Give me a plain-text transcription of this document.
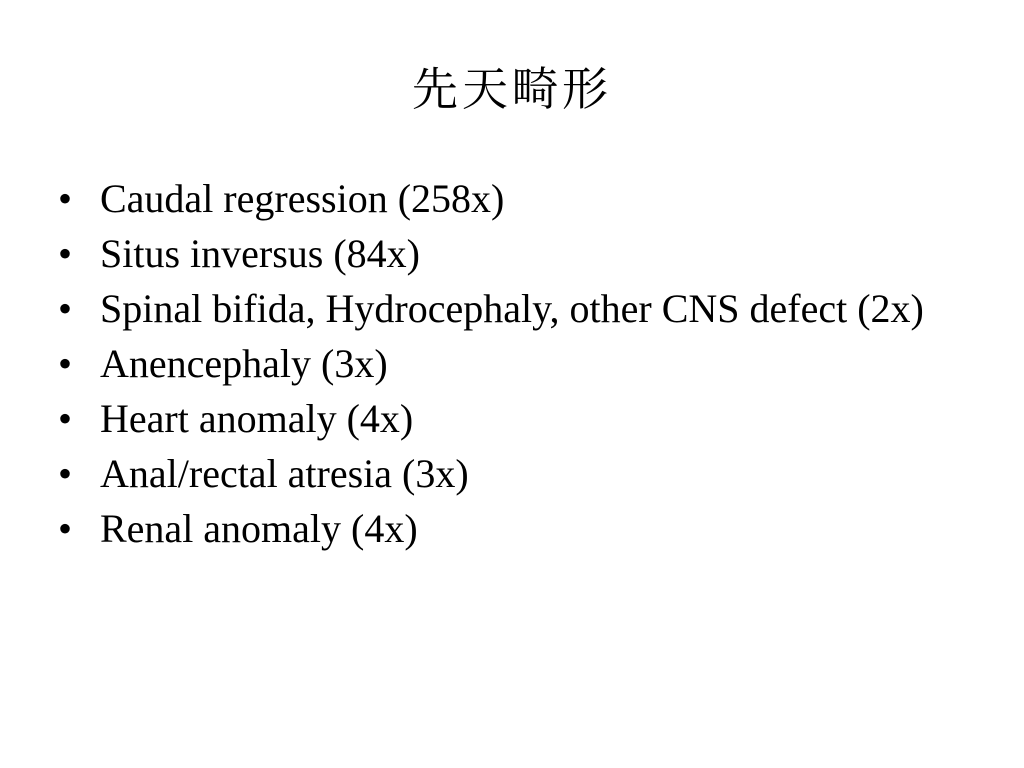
先天畸形
• Caudal regression (258x)
• Situs inversus (84x)
• Spinal bifida, Hydrocephaly, other CNS defect (2x)
• Anencephaly (3x)
• Heart anomaly (4x)
• Anal/rectal atresia (3x)
• Renal anomaly (4x)
